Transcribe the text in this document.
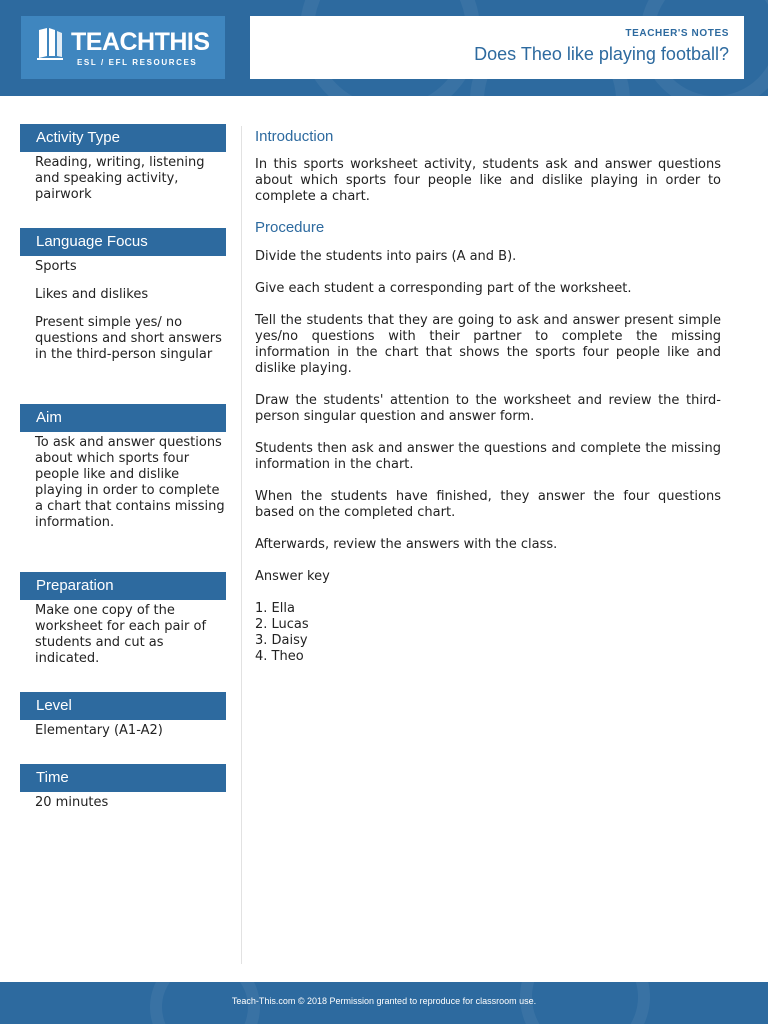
TEACHTHIS
ESL / EFL RESOURCES
TEACHER'S NOTES
Does Theo like playing football?
Activity Type

Reading, writing, listening and speaking activity, pairwork

Language Focus

Sports

Likes and dislikes

Present simple yes/ no questions and short answers in the third-person singular

Aim

To ask and answer questions about which sports four people like and dislike playing in order to complete a chart that contains missing information.

Preparation

Make one copy of the worksheet for each pair of students and cut as indicated.

Level

Elementary (A1-A2)

Time

20 minutes

Introduction

In this sports worksheet activity, students ask and answer questions about which sports four people like and dislike playing in order to complete a chart.

Procedure

Divide the students into pairs (A and B).

Give each student a corresponding part of the worksheet.

Tell the students that they are going to ask and answer present simple yes/no questions with their partner to complete the missing information in the chart that shows the sports four people like and dislike playing.

Draw the students' attention to the worksheet and review the third-person singular question and answer form.

Students then ask and answer the questions and complete the missing information in the chart.

When the students have finished, they answer the four questions based on the completed chart.

Afterwards, review the answers with the class.

Answer key

1. Ella

2. Lucas

3. Daisy

4. Theo

Teach-This.com © 2018 Permission granted to reproduce for classroom use.
